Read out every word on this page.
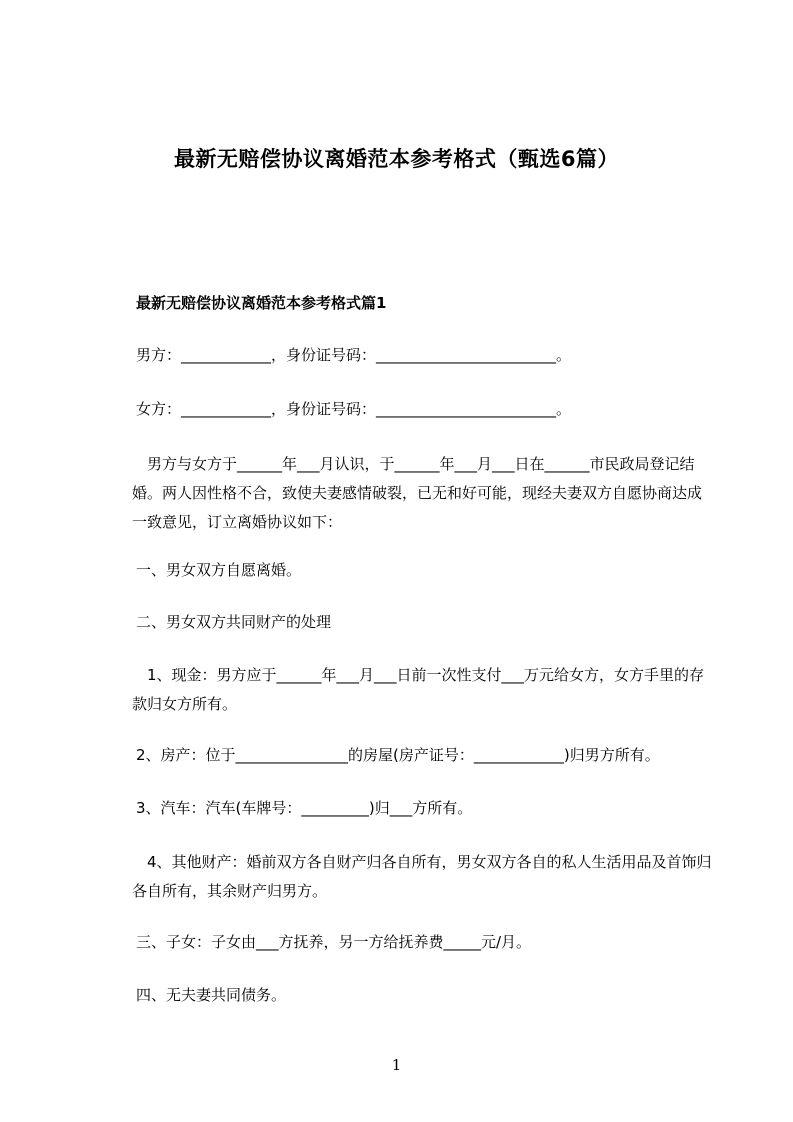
最新无赔偿协议离婚范本参考格式（甄选6篇）
最新无赔偿协议离婚范本参考格式篇1
男方：____________，身份证号码：________________________。
女方：____________，身份证号码：________________________。
　男方与女方于______年___月认识，于______年___月___日在______市民政局登记结婚。两人因性格不合，致使夫妻感情破裂，已无和好可能，现经夫妻双方自愿协商达成一致意见，订立离婚协议如下：
一、男女双方自愿离婚。
二、男女双方共同财产的处理
　1、现金：男方应于______年___月___日前一次性支付___万元给女方，女方手里的存款归女方所有。
2、房产：位于_______________的房屋(房产证号：____________)归男方所有。
3、汽车：汽车(车牌号：_________)归___方所有。
　4、其他财产：婚前双方各自财产归各自所有，男女双方各自的私人生活用品及首饰归各自所有，其余财产归男方。
三、子女：子女由___方抚养，另一方给抚养费_____元/月。
四、无夫妻共同债务。
1
